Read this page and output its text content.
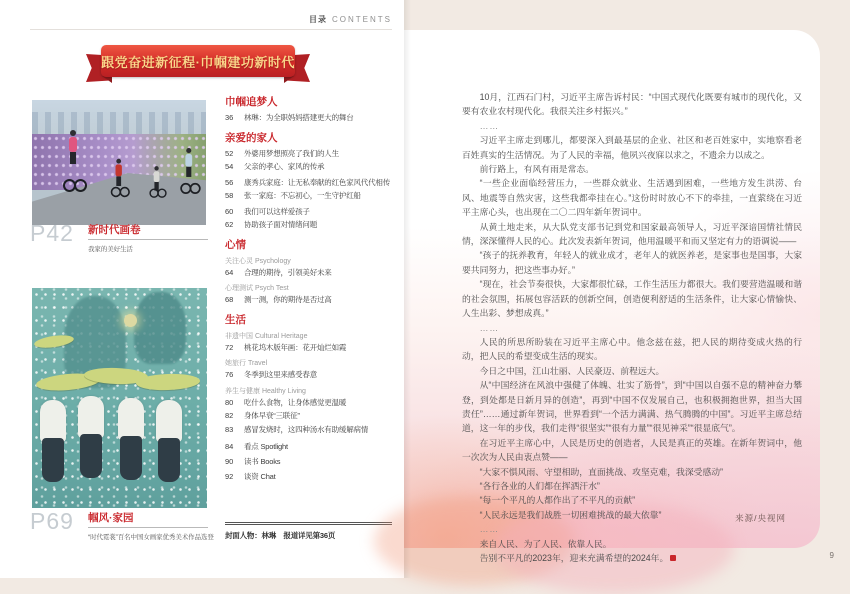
目录 CONTENTS
跟党奋进新征程·巾帼建功新时代
P42	新时代画卷
我家的美好生活
P69	帼风·家园
“时代霓裳”百名中国女画家优秀美术作品选登
巾帼追梦人
36	林琳：为全职妈妈搭建更大的舞台
亲爱的家人
52	外婆用梦想照亮了我们的人生
54	父亲的孝心、家风的传承
56	康秀兵家庭：让无私奉献的红色家风代代相传
58	张一家庭：不忘初心，一生守护红船
60	我们可以这样爱孩子
62	协助孩子面对情绪问题
心情
关注心灵 Psychology
64	合理的期待，引领美好未来
心理测试 Psych Test
68	测一测，你的期待是否过高
生活
非遗中国 Cultural Heritage
72	桃花坞木版年画：花开灿烂如霞
她旅行 Travel
76	冬季到这里来感受春意
养生与健康 Healthy Living
80	吃什么食物，让身体感觉更温暖
82	身体早衰“三联征”
83	感冒发烧时，这四种汤水有助缓解病情
84	看点 Spotlight
90	读书 Books
92	谈资 Chat
封面人物：林琳　报道详见第36页

10月，江西石门村，习近平主席告诉村民：“中国式现代化既要有城市的现代化，又要有农业农村现代化。我很关注乡村振兴。”

……

习近平主席走到哪儿，都要深入到最基层的企业、社区和老百姓家中，实地察看老百姓真实的生活情况。为了人民的幸福，他夙兴夜寐以求之，不遗余力以成之。

前行路上，有风有雨是常态。

“一些企业面临经营压力，一些群众就业、生活遇到困难，一些地方发生洪涝、台风、地震等自然灾害，这些我都牵挂在心。”这份时时放心不下的牵挂，一直萦绕在习近平主席心头，也出现在二〇二四年新年贺词中。

从黄土地走来，从大队党支部书记到党和国家最高领导人，习近平深谙国情社情民情，深深懂得人民的心。此次发表新年贺词，他用温暖平和而又坚定有力的语调说——

“孩子的抚养教育，年轻人的就业成才，老年人的就医养老，是家事也是国事，大家要共同努力，把这些事办好。”

“现在，社会节奏很快，大家都很忙碌，工作生活压力都很大。我们要营造温暖和谐的社会氛围，拓展包容活跃的创新空间，创造便利舒适的生活条件，让大家心情愉快、人生出彩、梦想成真。”

……

人民的所思所盼装在习近平主席心中。他念兹在兹，把人民的期待变成火热的行动，把人民的希望变成生活的现实。

今日之中国，江山壮丽、人民豪迈、前程远大。

从“中国经济在风浪中强健了体魄、壮实了筋骨”，到“中国以自强不息的精神奋力攀登，到处都是日新月异的创造”，再到“中国不仅发展自己，也积极拥抱世界，担当大国责任”……通过新年贺词，世界看到“一个活力满满、热气腾腾的中国”。习近平主席总结道，这一年的步伐，我们走得“很坚实”“很有力量”“很见神采”“很显底气”。

在习近平主席心中，人民是历史的创造者，人民是真正的英雄。在新年贺词中，他一次次为人民由衷点赞——

“大家不惧风雨、守望相助，直面挑战、攻坚克难，我深受感动”

“各行各业的人们都在挥洒汗水”

“每一个平凡的人都作出了不平凡的贡献”

“人民永远是我们战胜一切困难挑战的最大依靠”

……

来自人民、为了人民、依靠人民。

告别不平凡的2023年，迎来充满希望的2024年。

来源/央视网
9
